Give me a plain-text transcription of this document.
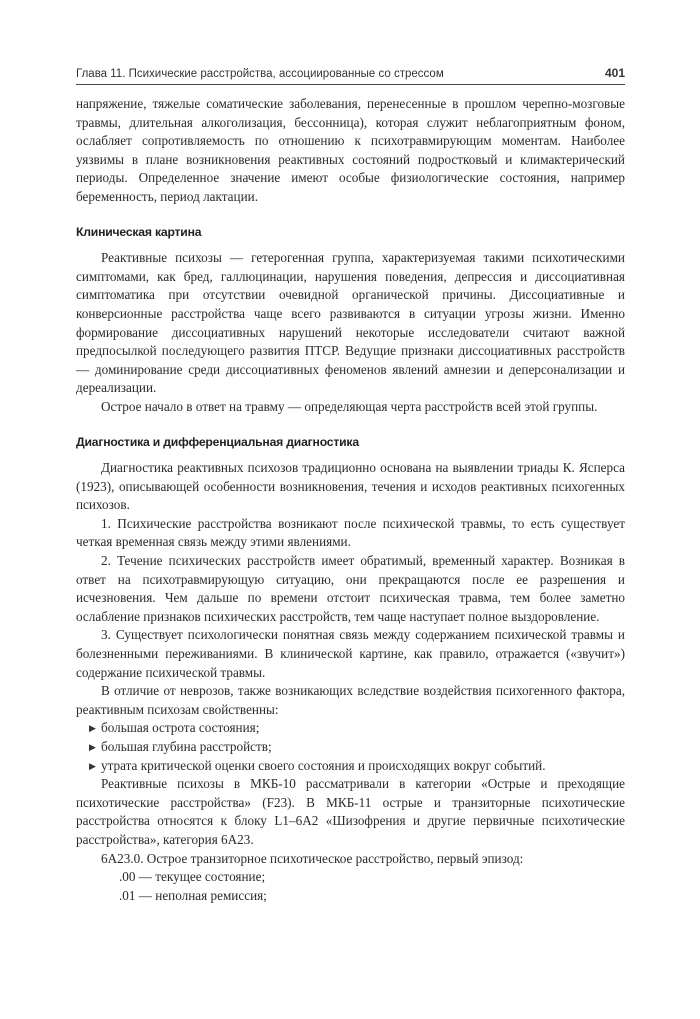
Глава 11. Психические расстройства, ассоциированные со стрессом	401

напряжение, тяжелые соматические заболевания, перенесенные в прошлом черепно-мозговые травмы, длительная алкоголизация, бессонница), которая служит неблагоприятным фоном, ослабляет сопротивляемость по отношению к психотравмирующим моментам. Наиболее уязвимы в плане возникновения реактивных состояний подростковый и климактерический периоды. Определенное значение имеют особые физиологические состояния, например беременность, период лактации.

Клиническая картина

Реактивные психозы — гетерогенная группа, характеризуемая такими психотическими симптомами, как бред, галлюцинации, нарушения поведения, депрессия и диссоциативная симптоматика при отсутствии очевидной органической причины. Диссоциативные и конверсионные расстройства чаще всего развиваются в ситуации угрозы жизни. Именно формирование диссоциативных нарушений некоторые исследователи считают важной предпосылкой последующего развития ПТСР. Ведущие признаки диссоциативных расстройств — доминирование среди диссоциативных феноменов явлений амнезии и деперсонализации и дереализации.

Острое начало в ответ на травму — определяющая черта расстройств всей этой группы.

Диагностика и дифференциальная диагностика

Диагностика реактивных психозов традиционно основана на выявлении триады К. Ясперса (1923), описывающей особенности возникновения, течения и исходов реактивных психогенных психозов.

1. Психические расстройства возникают после психической травмы, то есть существует четкая временная связь между этими явлениями.

2. Течение психических расстройств имеет обратимый, временный характер. Возникая в ответ на психотравмирующую ситуацию, они прекращаются после ее разрешения и исчезновения. Чем дальше по времени отстоит психическая травма, тем более заметно ослабление признаков психических расстройств, тем чаще наступает полное выздоровление.

3. Существует психологически понятная связь между содержанием психической травмы и болезненными переживаниями. В клинической картине, как правило, отражается («звучит») содержание психической травмы.

В отличие от неврозов, также возникающих вследствие воздействия психогенного фактора, реактивным психозам свойственны:

▶ большая острота состояния;
▶ большая глубина расстройств;
▶ утрата критической оценки своего состояния и происходящих вокруг событий.

Реактивные психозы в МКБ-10 рассматривали в категории «Острые и преходящие психотические расстройства» (F23). В МКБ-11 острые и транзиторные психотические расстройства относятся к блоку L1–6A2 «Шизофрения и другие первичные психотические расстройства», категория 6A23.

6A23.0. Острое транзиторное психотическое расстройство, первый эпизод:

.00 — текущее состояние;

.01 — неполная ремиссия;
